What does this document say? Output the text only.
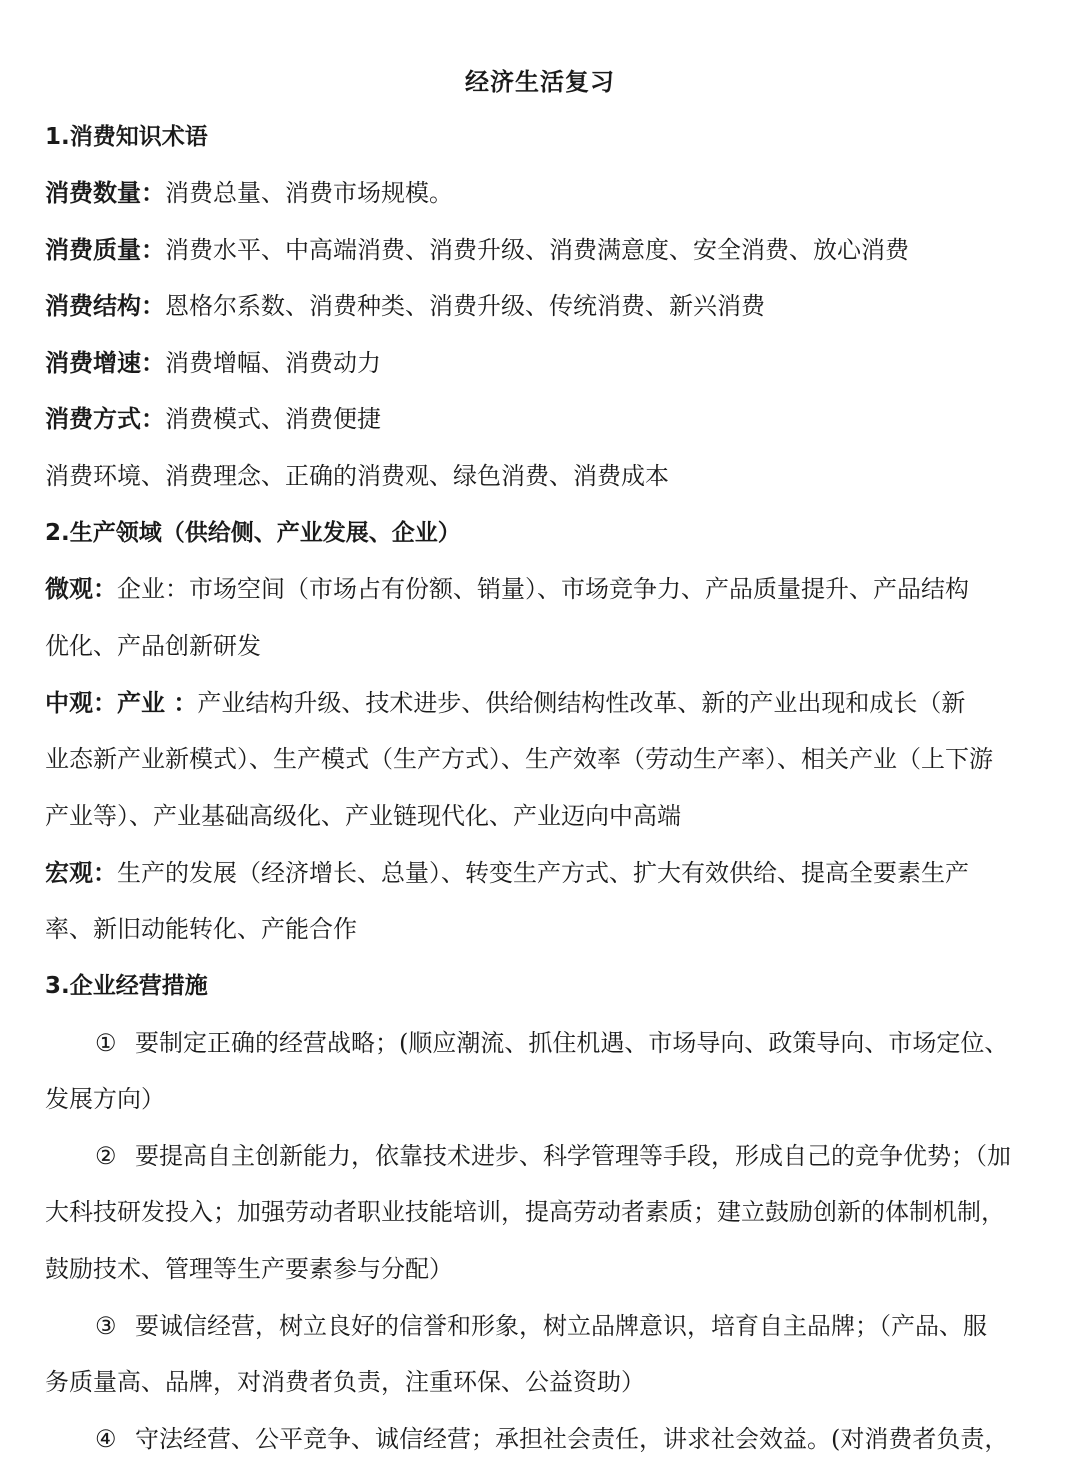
经济生活复习
1.消费知识术语
消费数量：消费总量、消费市场规模。
消费质量：消费水平、中高端消费、消费升级、消费满意度、安全消费、放心消费
消费结构：恩格尔系数、消费种类、消费升级、传统消费、新兴消费
消费增速：消费增幅、消费动力
消费方式：消费模式、消费便捷
消费环境、消费理念、正确的消费观、绿色消费、消费成本
2.生产领域（供给侧、产业发展、企业）
微观：企业：市场空间（市场占有份额、销量）、市场竞争力、产品质量提升、产品结构
优化、产品创新研发
中观：产业 ：产业结构升级、技术进步、供给侧结构性改革、新的产业出现和成长（新
业态新产业新模式）、生产模式（生产方式）、生产效率（劳动生产率）、相关产业（上下游
产业等）、产业基础高级化、产业链现代化、产业迈向中高端
宏观：生产的发展（经济增长、总量）、转变生产方式、扩大有效供给、提高全要素生产
率、新旧动能转化、产能合作
3.企业经营措施
① 要制定正确的经营战略；(顺应潮流、抓住机遇、市场导向、政策导向、市场定位、
发展方向）
② 要提高自主创新能力，依靠技术进步、科学管理等手段，形成自己的竞争优势；（加
大科技研发投入；加强劳动者职业技能培训，提高劳动者素质；建立鼓励创新的体制机制，
鼓励技术、管理等生产要素参与分配）
③ 要诚信经营，树立良好的信誉和形象，树立品牌意识，培育自主品牌；（产品、服
务质量高、品牌，对消费者负责，注重环保、公益资助）
④ 守法经营、公平竞争、诚信经营；承担社会责任，讲求社会效益。(对消费者负责，
